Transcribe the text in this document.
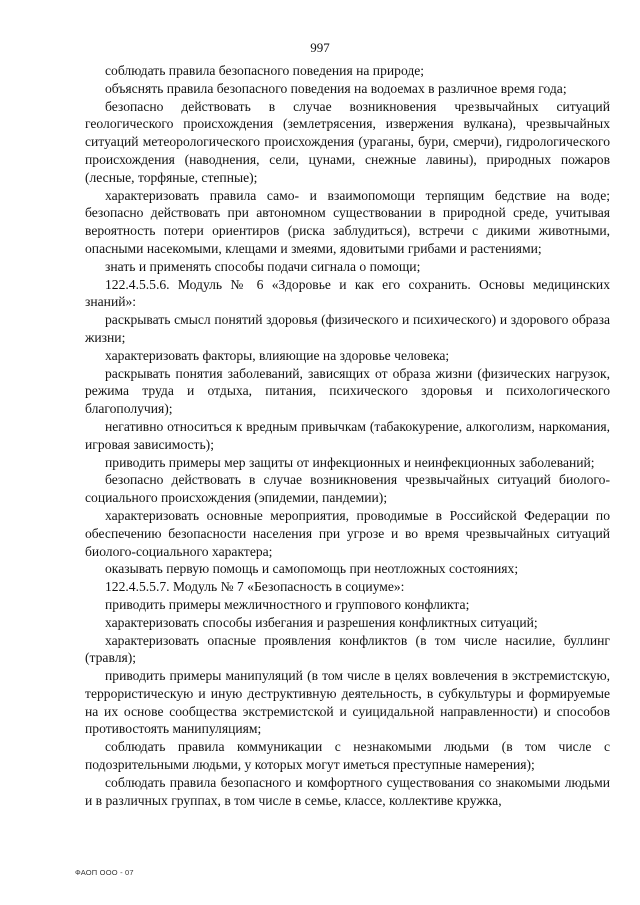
997

соблюдать правила безопасного поведения на природе;

объяснять правила безопасного поведения на водоемах в различное время года;

безопасно действовать в случае возникновения чрезвычайных ситуаций геологического происхождения (землетрясения, извержения вулкана), чрезвычайных ситуаций метеорологического происхождения (ураганы, бури, смерчи), гидрологического происхождения (наводнения, сели, цунами, снежные лавины), природных пожаров (лесные, торфяные, степные);

характеризовать правила само- и взаимопомощи терпящим бедствие на воде; безопасно действовать при автономном существовании в природной среде, учитывая вероятность потери ориентиров (риска заблудиться), встречи с дикими животными, опасными насекомыми, клещами и змеями, ядовитыми грибами и растениями;

знать и применять способы подачи сигнала о помощи;

122.4.5.5.6. Модуль № 6 «Здоровье и как его сохранить. Основы медицинских знаний»:

раскрывать смысл понятий здоровья (физического и психического) и здорового образа жизни;

характеризовать факторы, влияющие на здоровье человека;

раскрывать понятия заболеваний, зависящих от образа жизни (физических нагрузок, режима труда и отдыха, питания, психического здоровья и психологического благополучия);

негативно относиться к вредным привычкам (табакокурение, алкоголизм, наркомания, игровая зависимость);

приводить примеры мер защиты от инфекционных и неинфекционных заболеваний;

безопасно действовать в случае возникновения чрезвычайных ситуаций биолого-социального происхождения (эпидемии, пандемии);

характеризовать основные мероприятия, проводимые в Российской Федерации по обеспечению безопасности населения при угрозе и во время чрезвычайных ситуаций биолого-социального характера;

оказывать первую помощь и самопомощь при неотложных состояниях;

122.4.5.5.7. Модуль № 7 «Безопасность в социуме»:

приводить примеры межличностного и группового конфликта;

характеризовать способы избегания и разрешения конфликтных ситуаций;

характеризовать опасные проявления конфликтов (в том числе насилие, буллинг (травля);

приводить примеры манипуляций (в том числе в целях вовлечения в экстремистскую, террористическую и иную деструктивную деятельность, в субкультуры и формируемые на их основе сообщества экстремистской и суицидальной направленности) и способов противостоять манипуляциям;

соблюдать правила коммуникации с незнакомыми людьми (в том числе с подозрительными людьми, у которых могут иметься преступные намерения);

соблюдать правила безопасного и комфортного существования со знакомыми людьми и в различных группах, в том числе в семье, классе, коллективе кружка,

ФАОП ООО - 07
